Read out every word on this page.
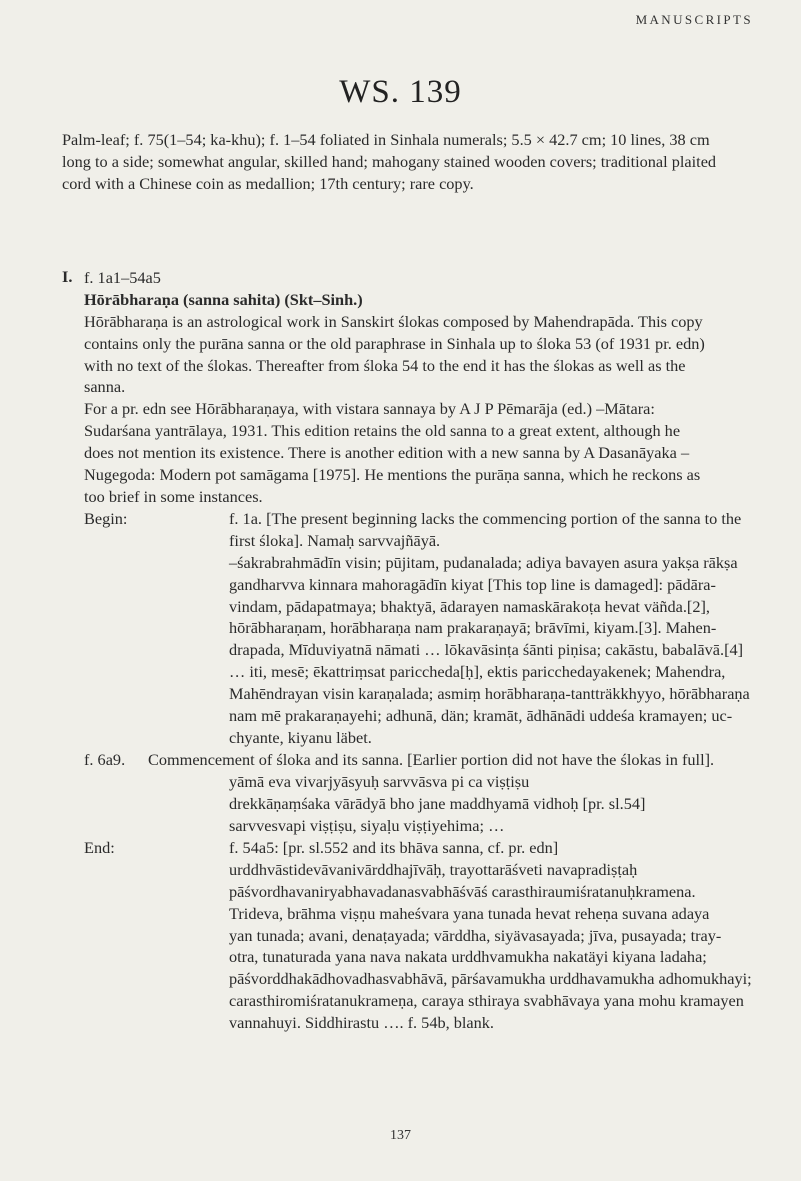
MANUSCRIPTS
WS. 139
Palm-leaf; f. 75(1–54; ka-khu); f. 1–54 foliated in Sinhala numerals; 5.5 × 42.7 cm; 10 lines, 38 cm
long to a side; somewhat angular, skilled hand; mahogany stained wooden covers; traditional plaited
cord with a Chinese coin as medallion; 17th century; rare copy.
I. f. 1a1–54a5
Hōrābharaṇa (sanna sahita) (Skt–Sinh.)
Hōrābharaṇa is an astrological work in Sanskirt ślokas composed by Mahendrapāda. This copy
contains only the purāna sanna or the old paraphrase in Sinhala up to śloka 53 (of 1931 pr. edn)
with no text of the ślokas. Thereafter from śloka 54 to the end it has the ślokas as well as the
sanna.
For a pr. edn see Hōrābharaṇaya, with vistara sannaya by A J P Pēmarāja (ed.) –Mātara:
Sudarśana yantrālaya, 1931. This edition retains the old sanna to a great extent, although he
does not mention its existence. There is another edition with a new sanna by A Dasanāyaka –
Nugegoda: Modern pot samāgama [1975]. He mentions the purāṇa sanna, which he reckons as
too brief in some instances.
Begin:	f. 1a. [The present beginning lacks the commencing portion of the sanna to the
first śloka]. Namaḥ sarvvajñāyā.
–śakrabrahmādīn visin; pūjitam, pudanalada; adiya bavayen asura yakṣa rākṣa
gandharvva kinnara mahoragādīn kiyat [This top line is damaged]: pādāra-
vindam, pādapatmaya; bhaktyā, ādarayen namaskārakoṭa hevat väñda.[2],
hōrābharaṇam, horābharaṇa nam prakaraṇayā; brāvīmi, kiyam.[3]. Mahen-
drapada, Mīduviyatnā nāmati … lōkavāsinṭa śānti piṇisa; cakāstu, babalāvā.[4]
… iti, mesē; ēkattriṃsat paricchedа[ḥ], ektis paricchedayakenek; Mahendra,
Mahēndrayan visin karaṇalada; asmiṃ horābharaṇa-tantträkkhyyo, hōrābharaṇa
nam mē prakaraṇayehi; adhunā, dän; kramāt, ādhānādi uddeśa kramayen; uc-
chyante, kiyanu läbet.
f. 6a9. Commencement of śloka and its sanna. [Earlier portion did not have the ślokas in full].
yāmā eva vivarjyāsyuḥ sarvvāsva pi ca viṣṭiṣu
drekkāṇaṃśaka vārādyā bho jane maddhyamā vidhoḥ [pr. sl.54]
sarvvesvapi viṣṭiṣu, siyaḷu viṣṭiyehima; …
End:	f. 54a5: [pr. sl.552 and its bhāva sanna, cf. pr. edn]
urddhvāstidevāvanivārddhajīvāḥ, trayottarāśveti navapradiṣṭaḥ
pāśvordhavaniryabhavadanasvabhāśvāś carasthiraumiśratanuḥkramena.
Trideva, brāhma viṣṇu maheśvara yana tunada hevat reheṇa suvana adaya
yan tunada; avani, denaṭayada; vārddha, siyävasayada; jīva, pusayada; tray-
otra, tunaturada yana nava nakata urddhvamukha nakatäyi kiyana ladaha;
pāśvorddhakādhovadhasvabhāvā, pārśavamukha urddhavamukha adhomukhayi;
carasthiromiśratanukrameṇa, caraya sthiraya svabhāvaya yana mohu kramayen
vannahuyi. Siddhirastu …. f. 54b, blank.
137
